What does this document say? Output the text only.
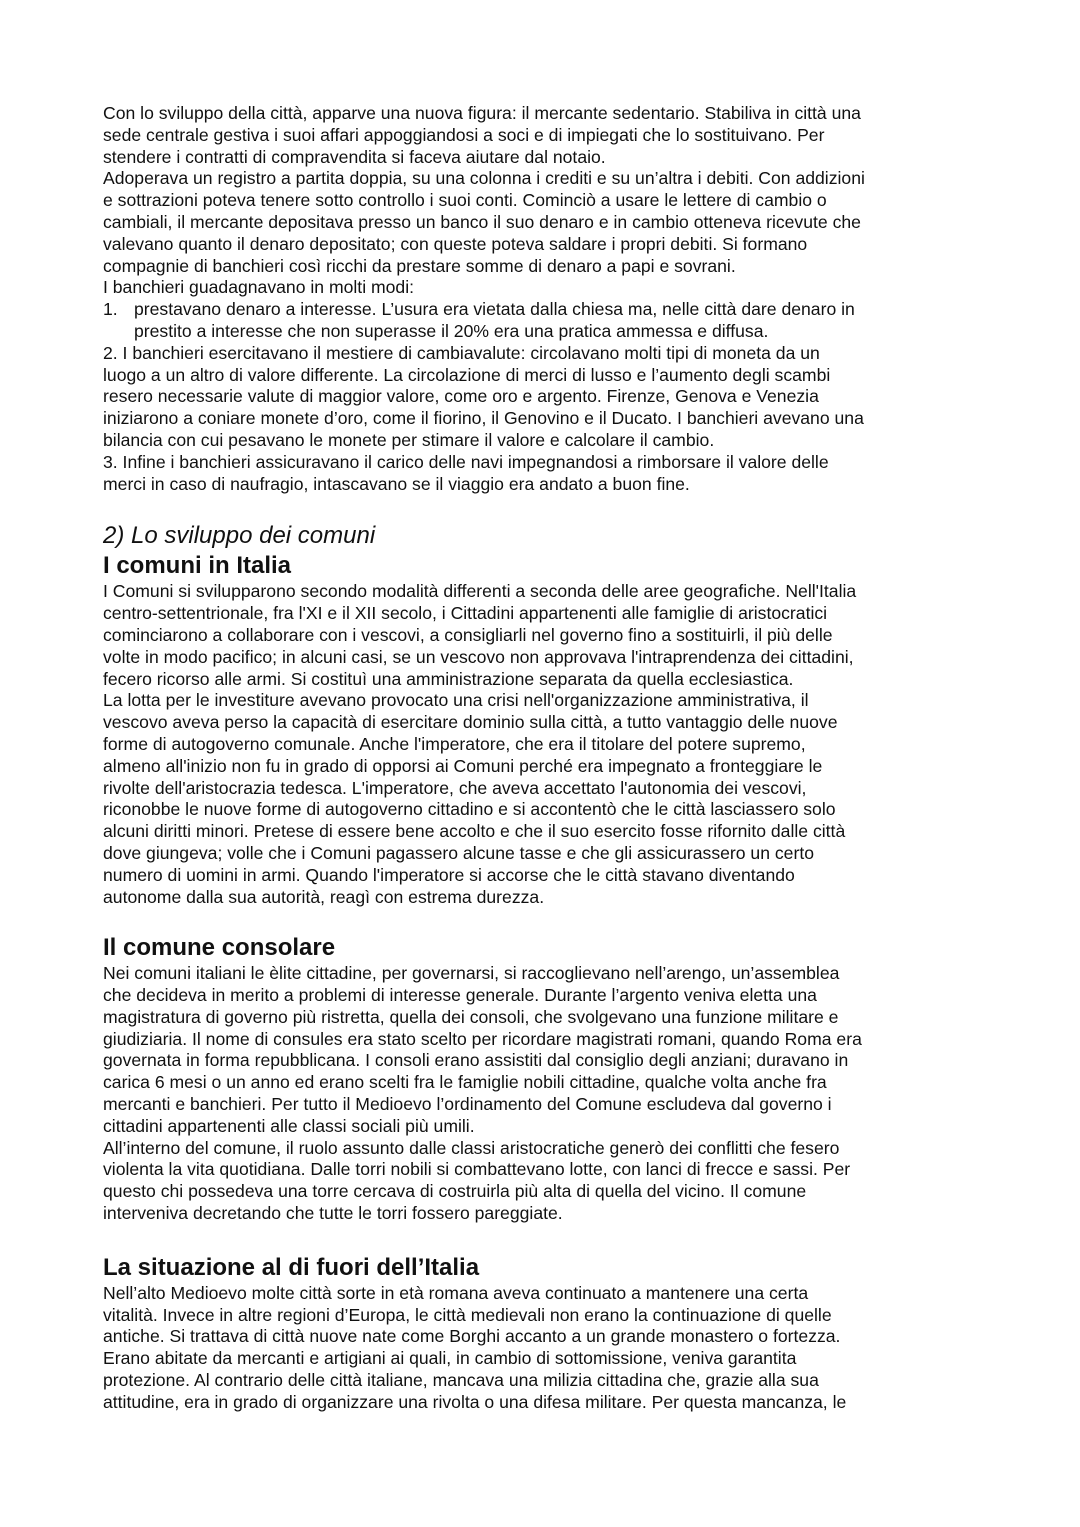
Con lo sviluppo della città, apparve una nuova figura: il mercante sedentario. Stabiliva in città una
sede centrale gestiva i suoi affari appoggiandosi a soci e di impiegati che lo sostituivano. Per
stendere i contratti di compravendita si faceva aiutare dal notaio.
Adoperava un registro a partita doppia, su una colonna i crediti e su un’altra i debiti. Con addizioni
e sottrazioni poteva tenere sotto controllo i suoi conti. Cominciò a usare le lettere di cambio o
cambiali, il mercante depositava presso un banco il suo denaro e in cambio otteneva ricevute che
valevano quanto il denaro depositato; con queste poteva saldare i propri debiti. Si formano
compagnie di banchieri così ricchi da prestare somme di denaro a papi e sovrani.
I banchieri guadagnavano in molti modi:
1. prestavano denaro a interesse. L’usura era vietata dalla chiesa ma, nelle città dare denaro in
prestito a interesse che non superasse il 20% era una pratica ammessa e diffusa.
2. I banchieri esercitavano il mestiere di cambiavalute: circolavano molti tipi di moneta da un
luogo a un altro di valore differente. La circolazione di merci di lusso e l’aumento degli scambi
resero necessarie valute di maggior valore, come oro e argento. Firenze, Genova e Venezia
iniziarono a coniare monete d’oro, come il fiorino, il Genovino e il Ducato. I banchieri avevano una
bilancia con cui pesavano le monete per stimare il valore e calcolare il cambio.
3. Infine i banchieri assicuravano il carico delle navi impegnandosi a rimborsare il valore delle
merci in caso di naufragio, intascavano se il viaggio era andato a buon fine.
2) Lo sviluppo dei comuni
I comuni in Italia
I Comuni si svilupparono secondo modalità differenti a seconda delle aree geografiche. Nell'Italia
centro-settentrionale, fra l'XI e il XII secolo, i Cittadini appartenenti alle famiglie di aristocratici
cominciarono a collaborare con i vescovi, a consigliarli nel governo fino a sostituirli, il più delle
volte in modo pacifico; in alcuni casi, se un vescovo non approvava l'intraprendenza dei cittadini,
fecero ricorso alle armi. Si costituì una amministrazione separata da quella ecclesiastica.
La lotta per le investiture avevano provocato una crisi nell'organizzazione amministrativa, il
vescovo aveva perso la capacità di esercitare dominio sulla città, a tutto vantaggio delle nuove
forme di autogoverno comunale. Anche l'imperatore, che era il titolare del potere supremo,
almeno all'inizio non fu in grado di opporsi ai Comuni perché era impegnato a fronteggiare le
rivolte dell'aristocrazia tedesca. L'imperatore, che aveva accettato l'autonomia dei vescovi,
riconobbe le nuove forme di autogoverno cittadino e si accontentò che le città lasciassero solo
alcuni diritti minori. Pretese di essere bene accolto e che il suo esercito fosse rifornito dalle città
dove giungeva; volle che i Comuni pagassero alcune tasse e che gli assicurassero un certo
numero di uomini in armi. Quando l'imperatore si accorse che le città stavano diventando
autonome dalla sua autorità, reagì con estrema durezza.
Il comune consolare
Nei comuni italiani le èlite cittadine, per governarsi, si raccoglievano nell’arengo, un’assemblea
che decideva in merito a problemi di interesse generale. Durante l’argento veniva eletta una
magistratura di governo più ristretta, quella dei consoli, che svolgevano una funzione militare e
giudiziaria. Il nome di consules era stato scelto per ricordare magistrati romani, quando Roma era
governata in forma repubblicana. I consoli erano assistiti dal consiglio degli anziani; duravano in
carica 6 mesi o un anno ed erano scelti fra le famiglie nobili cittadine, qualche volta anche fra
mercanti e banchieri. Per tutto il Medioevo l’ordinamento del Comune escludeva dal governo i
cittadini appartenenti alle classi sociali più umili.
All’interno del comune, il ruolo assunto dalle classi aristocratiche generò dei conflitti che fesero
violenta la vita quotidiana. Dalle torri nobili si combattevano lotte, con lanci di frecce e sassi. Per
questo chi possedeva una torre cercava di costruirla più alta di quella del vicino. Il comune
interveniva decretando che tutte le torri fossero pareggiate.
La situazione al di fuori dell’Italia
Nell’alto Medioevo molte città sorte in età romana aveva continuato a mantenere una certa
vitalità. Invece in altre regioni d’Europa, le città medievali non erano la continuazione di quelle
antiche. Si trattava di città nuove nate come Borghi accanto a un grande monastero o fortezza.
Erano abitate da mercanti e artigiani ai quali, in cambio di sottomissione, veniva garantita
protezione. Al contrario delle città italiane, mancava una milizia cittadina che, grazie alla sua
attitudine, era in grado di organizzare una rivolta o una difesa militare. Per questa mancanza, le
